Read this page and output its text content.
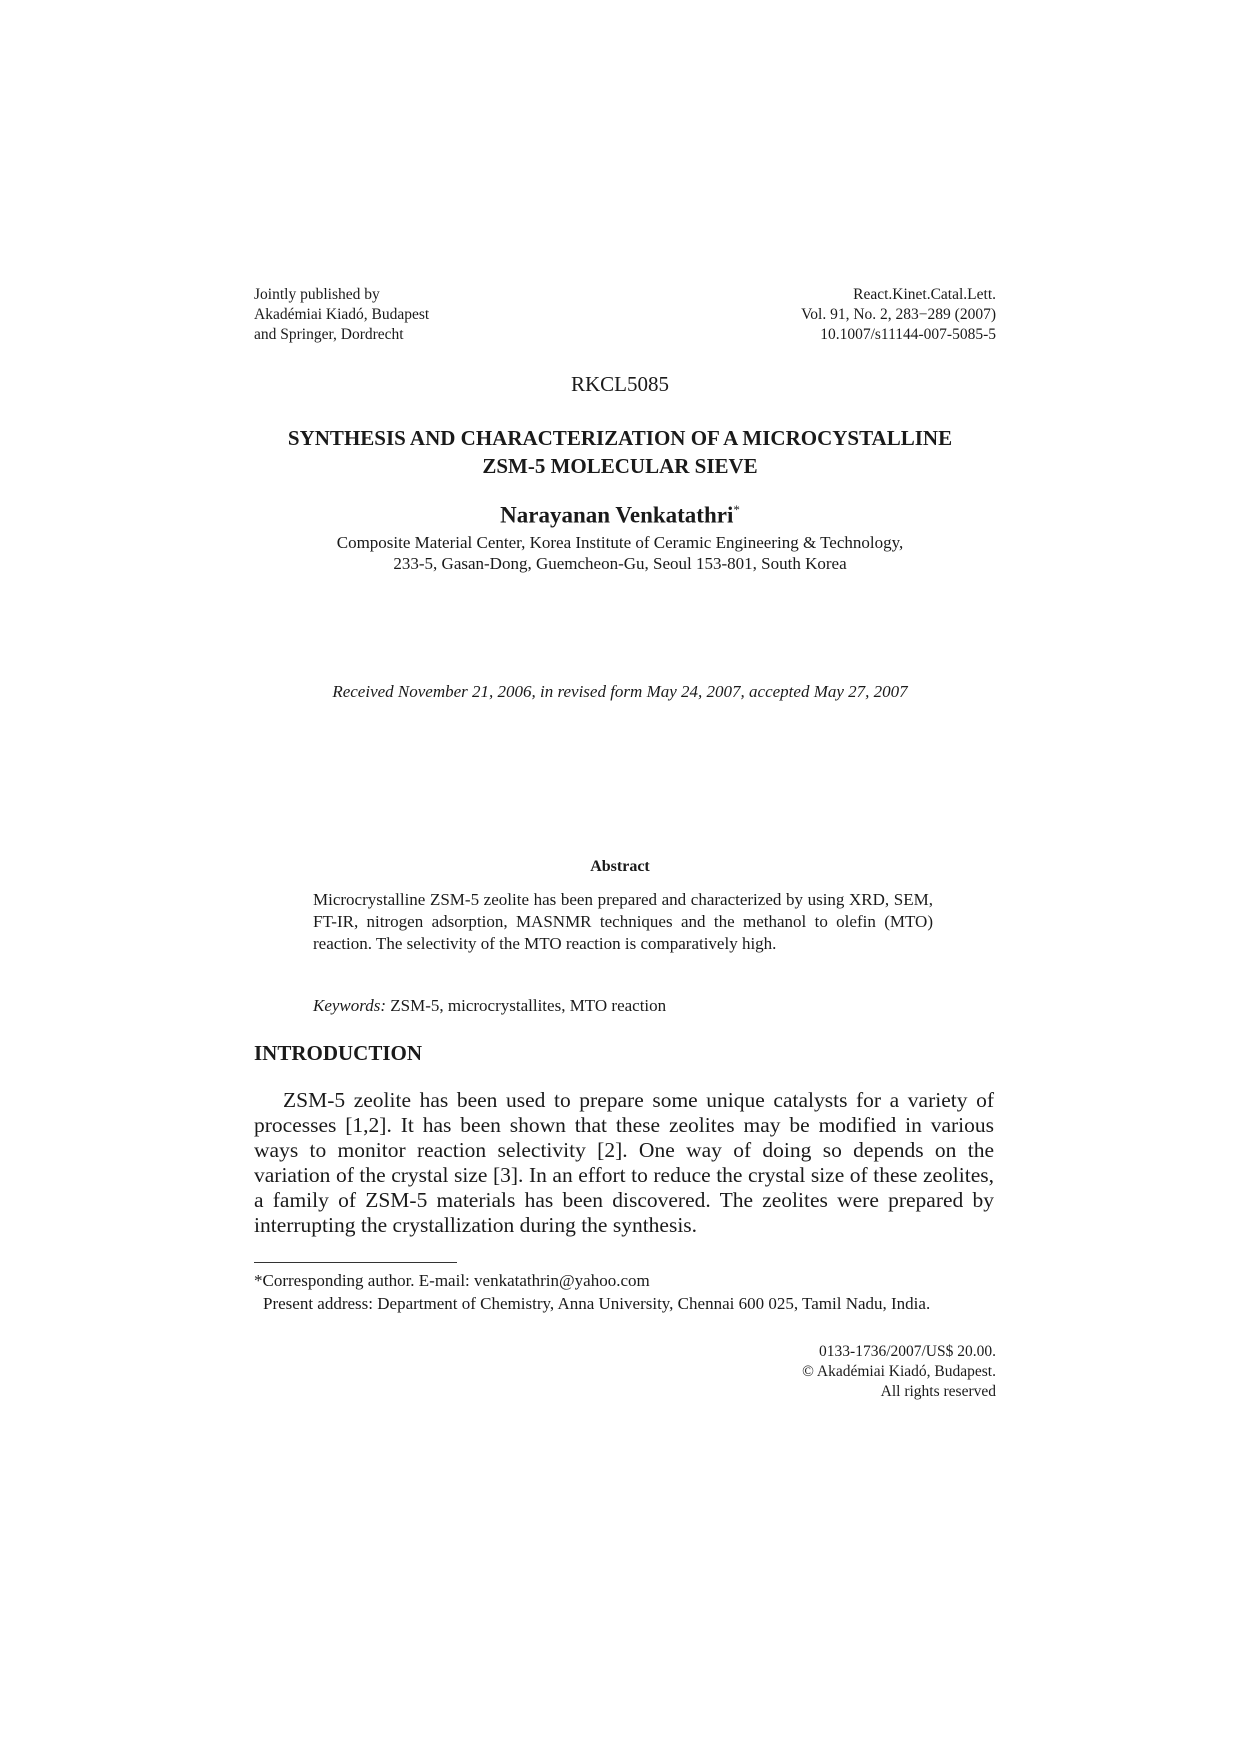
Jointly published by
Akadémiai Kiadó, Budapest
and Springer, Dordrecht
React.Kinet.Catal.Lett.
Vol. 91, No. 2, 283−289 (2007)
10.1007/s11144-007-5085-5
RKCL5085
SYNTHESIS AND CHARACTERIZATION OF A MICROCYSTALLINE
ZSM-5 MOLECULAR SIEVE
Narayanan Venkatathri*
Composite Material Center, Korea Institute of Ceramic Engineering & Technology,
233-5, Gasan-Dong, Guemcheon-Gu, Seoul 153-801, South Korea
Received November 21, 2006, in revised form May 24, 2007, accepted May 27, 2007
Abstract
Microcrystalline ZSM-5 zeolite has been prepared and characterized by using XRD, SEM, FT-IR, nitrogen adsorption, MASNMR techniques and the methanol to olefin (MTO) reaction. The selectivity of the MTO reaction is comparatively high.
Keywords: ZSM-5, microcrystallites, MTO reaction
INTRODUCTION
ZSM-5 zeolite has been used to prepare some unique catalysts for a variety of processes [1,2]. It has been shown that these zeolites may be modified in various ways to monitor reaction selectivity [2]. One way of doing so depends on the variation of the crystal size [3]. In an effort to reduce the crystal size of these zeolites, a family of ZSM-5 materials has been discovered. The zeolites were prepared by interrupting the crystallization during the synthesis.
*Corresponding author. E-mail: venkatathrin@yahoo.com
Present address: Department of Chemistry, Anna University, Chennai 600 025, Tamil Nadu, India.
0133-1736/2007/US$ 20.00.
© Akadémiai Kiadó, Budapest.
All rights reserved
